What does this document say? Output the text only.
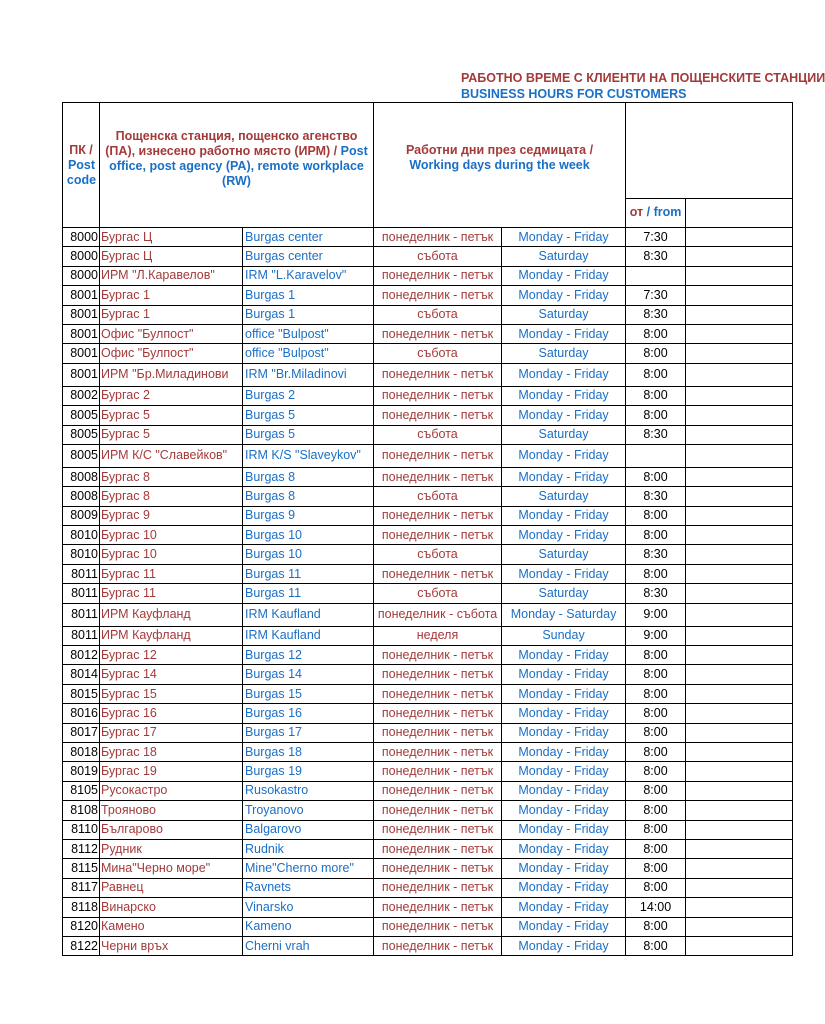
РАБОТНО ВРЕМЕ С КЛИЕНТИ НА ПОЩЕНСКИТЕ СТАНЦИИ
BUSINESS HOURS FOR CUSTOMERS
ПК /
Postcode	Пощенска станция, пощенско агенство (ПА), изнесено работно място (ИРМ) / Post office, post agency (PA), remote workplace (RW)		Работни дни през седмицата /
Working days during the week			
					от / from	
8000	Бургас Ц	Burgas center	понеделник - петък	Monday - Friday	7:30	
8000	Бургас Ц	Burgas center	събота	Saturday	8:30	
8000	ИРМ "Л.Каравелов"	IRM "L.Karavelov"	понеделник - петък	Monday - Friday		
8001	Бургас 1	Burgas 1	понеделник - петък	Monday - Friday	7:30	
8001	Бургас 1	Burgas 1	събота	Saturday	8:30	
8001	Офис "Булпост"	office "Bulpost"	понеделник - петък	Monday - Friday	8:00	
8001	Офис "Булпост"	office "Bulpost"	събота	Saturday	8:00	
8001	ИРМ "Бр.Миладинови	IRM "Br.Miladinovi	понеделник - петък	Monday - Friday	8:00	
8002	Бургас 2	Burgas 2	понеделник - петък	Monday - Friday	8:00	
8005	Бургас 5	Burgas 5	понеделник - петък	Monday - Friday	8:00	
8005	Бургас 5	Burgas 5	събота	Saturday	8:30	
8005	ИРМ К/С "Славейков"	IRM K/S "Slaveykov"	понеделник - петък	Monday - Friday		
8008	Бургас 8	Burgas 8	понеделник - петък	Monday - Friday	8:00	
8008	Бургас 8	Burgas 8	събота	Saturday	8:30	
8009	Бургас 9	Burgas 9	понеделник - петък	Monday - Friday	8:00	
8010	Бургас 10	Burgas 10	понеделник - петък	Monday - Friday	8:00	
8010	Бургас 10	Burgas 10	събота	Saturday	8:30	
8011	Бургас 11	Burgas 11	понеделник - петък	Monday - Friday	8:00	
8011	Бургас 11	Burgas 11	събота	Saturday	8:30	
8011	ИРМ Кауфланд	IRM Kaufland	понеделник - събота	Monday - Saturday	9:00	
8011	ИРМ Кауфланд	IRM Kaufland	неделя	Sunday	9:00	
8012	Бургас 12	Burgas 12	понеделник - петък	Monday - Friday	8:00	
8014	Бургас 14	Burgas 14	понеделник - петък	Monday - Friday	8:00	
8015	Бургас 15	Burgas 15	понеделник - петък	Monday - Friday	8:00	
8016	Бургас 16	Burgas 16	понеделник - петък	Monday - Friday	8:00	
8017	Бургас 17	Burgas 17	понеделник - петък	Monday - Friday	8:00	
8018	Бургас 18	Burgas 18	понеделник - петък	Monday - Friday	8:00	
8019	Бургас 19	Burgas 19	понеделник - петък	Monday - Friday	8:00	
8105	Русокастро	Rusokastro	понеделник - петък	Monday - Friday	8:00	
8108	Трояново	Troyanovo	понеделник - петък	Monday - Friday	8:00	
8110	Българово	Balgarovo	понеделник - петък	Monday - Friday	8:00	
8112	Рудник	Rudnik	понеделник - петък	Monday - Friday	8:00	
8115	Мина"Черно море"	Mine"Cherno more"	понеделник - петък	Monday - Friday	8:00	
8117	Равнец	Ravnets	понеделник - петък	Monday - Friday	8:00	
8118	Винарско	Vinarsko	понеделник - петък	Monday - Friday	14:00	
8120	Камено	Kameno	понеделник - петък	Monday - Friday	8:00	
8122	Черни връх	Cherni vrah	понеделник - петък	Monday - Friday	8:00	
